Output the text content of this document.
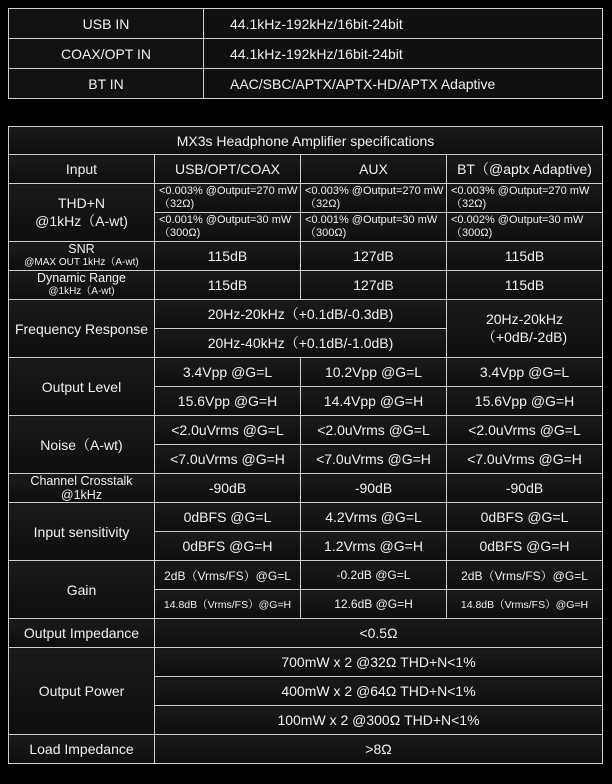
USB IN	44.1kHz-192kHz/16bit-24bit
COAX/OPT IN	44.1kHz-192kHz/16bit-24bit
BT IN	AAC/SBC/APTX/APTX-HD/APTX Adaptive
MX3s Headphone Amplifier specifications			
Input	USB/OPT/COAX	AUX	BT（@aptx Adaptive)

THD+N
@1kHz（A-wt)	<0.003% @Output=270 mW（32Ω)	<0.003% @Output=270 mW（32Ω)	<0.003% @Output=270 mW（32Ω)
	<0.001% @Output=30 mW（300Ω)	<0.001% @Output=30 mW（300Ω)	<0.002% @Output=30 mW（300Ω)

SNR
@MAX OUT 1kHz（A-wt)	115dB	127dB	115dB

Dynamic Range
@1kHz（A-wt)	115dB	127dB	115dB
Frequency Response	20Hz-20kHz（+0.1dB/-0.3dB)		20Hz-20kHz
（+0dB/-2dB)

	20Hz-40kHz（+0.1dB/-1.0dB)		
Output Level	3.4Vpp @G=L	10.2Vpp @G=L	3.4Vpp @G=L
	15.6Vpp @G=H	14.4Vpp @G=H	15.6Vpp @G=H
Noise（A-wt)	<2.0uVrms @G=L	<2.0uVrms @G=L	<2.0uVrms @G=L
	<7.0uVrms @G=H	<7.0uVrms @G=H	<7.0uVrms @G=H

Channel Crosstalk
@1kHz	-90dB	-90dB	-90dB
Input sensitivity	0dBFS @G=L	4.2Vrms @G=L	0dBFS @G=L
	0dBFS @G=H	1.2Vrms @G=H	0dBFS @G=H
Gain	2dB（Vrms/FS）@G=L	-0.2dB @G=L	2dB（Vrms/FS）@G=L
	14.8dB（Vrms/FS）@G=H	12.6dB @G=H	14.8dB（Vrms/FS）@G=H
Output Impedance	<0.5Ω		
Output Power	700mW x 2 @32Ω THD+N<1%		
	400mW x 2 @64Ω THD+N<1%		
	100mW x 2 @300Ω THD+N<1%		
Load Impedance	>8Ω		
